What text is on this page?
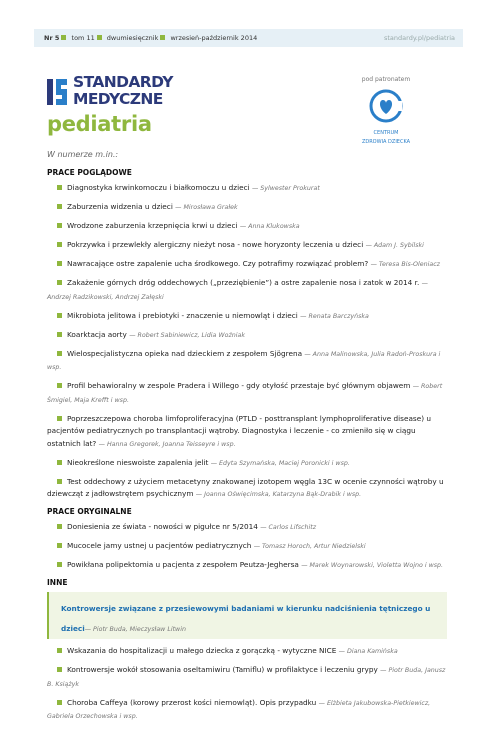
Nr 5 tom 11 dwumiesięcznik wrzesień-październik 2014	standardy.pl/pediatria
STANDARDY
MEDYCZNE
pediatria
pod patronatem
CENTRUM
ZDROWIA DZIECKA
W numerze m.in.:
PRACE POGLĄDOWE
Diagnostyka krwinkomoczu i białkomoczu u dzieci — Sylwester Prokurat
Zaburzenia widzenia u dzieci — Mirosława Grałek
Wrodzone zaburzenia krzepnięcia krwi u dzieci — Anna Klukowska
Pokrzywka i przewlekły alergiczny nieżyt nosa - nowe horyzonty leczenia u dzieci — Adam J. Sybilski
Nawracające ostre zapalenie ucha środkowego. Czy potrafimy rozwiązać problem? — Teresa Bis-Oleniacz
Zakażenie górnych dróg oddechowych („przeziębienie”) a ostre zapalenie nosa i zatok w 2014 r. — Andrzej Radzikowski, Andrzej Załęski
Mikrobiota jelitowa i prebiotyki - znaczenie u niemowląt i dzieci — Renata Barczyńska
Koarktacja aorty — Robert Sabiniewicz, Lidia Woźniak
Wielospecjalistyczna opieka nad dzieckiem z zespołem Sjögrena — Anna Malinowska, Julia Radoń-Proskura i wsp.
Profil behawioralny w zespole Pradera i Willego - gdy otyłość przestaje być głównym objawem — Robert Śmigiel, Maja Krefft i wsp.
Poprzeszczepowa choroba limfoproliferacyjna (PTLD - posttransplant lymphoproliferative disease) u pacjentów pediatrycznych po transplantacji wątroby. Diagnostyka i leczenie - co zmieniło się w ciągu ostatnich lat? — Hanna Gregorek, Joanna Teisseyre i wsp.
Nieokreślone nieswoiste zapalenia jelit — Edyta Szymańska, Maciej Poronicki i wsp.
Test oddechowy z użyciem metacetyny znakowanej izotopem węgla 13C w ocenie czynności wątroby u dziewcząt z jadłowstrętem psychicznym — Joanna Oświęcimska, Katarzyna Bąk-Drabik i wsp.
PRACE ORYGINALNE
Doniesienia ze świata - nowości w pigułce nr 5/2014 — Carlos Lifschitz
Mucocele jamy ustnej u pacjentów pediatrycznych — Tomasz Horoch, Artur Niedzielski
Powikłana polipektomia u pacjenta z zespołem Peutza-Jeghersa — Marek Woynarowski, Violetta Wojno i wsp.
INNE
Kontrowersje związane z przesiewowymi badaniami w kierunku nadciśnienia tętniczego u dzieci— Piotr Buda, Mieczysław Litwin
Wskazania do hospitalizacji u małego dziecka z gorączką - wytyczne NICE — Diana Kamińska
Kontrowersje wokół stosowania oseltamiwiru (Tamiflu) w profilaktyce i leczeniu grypy — Piotr Buda, Janusz B. Książyk
Choroba Caffeya (korowy przerost kości niemowląt). Opis przypadku — Elżbieta Jakubowska-Pietkiewicz, Gabriela Orzechowska i wsp.
